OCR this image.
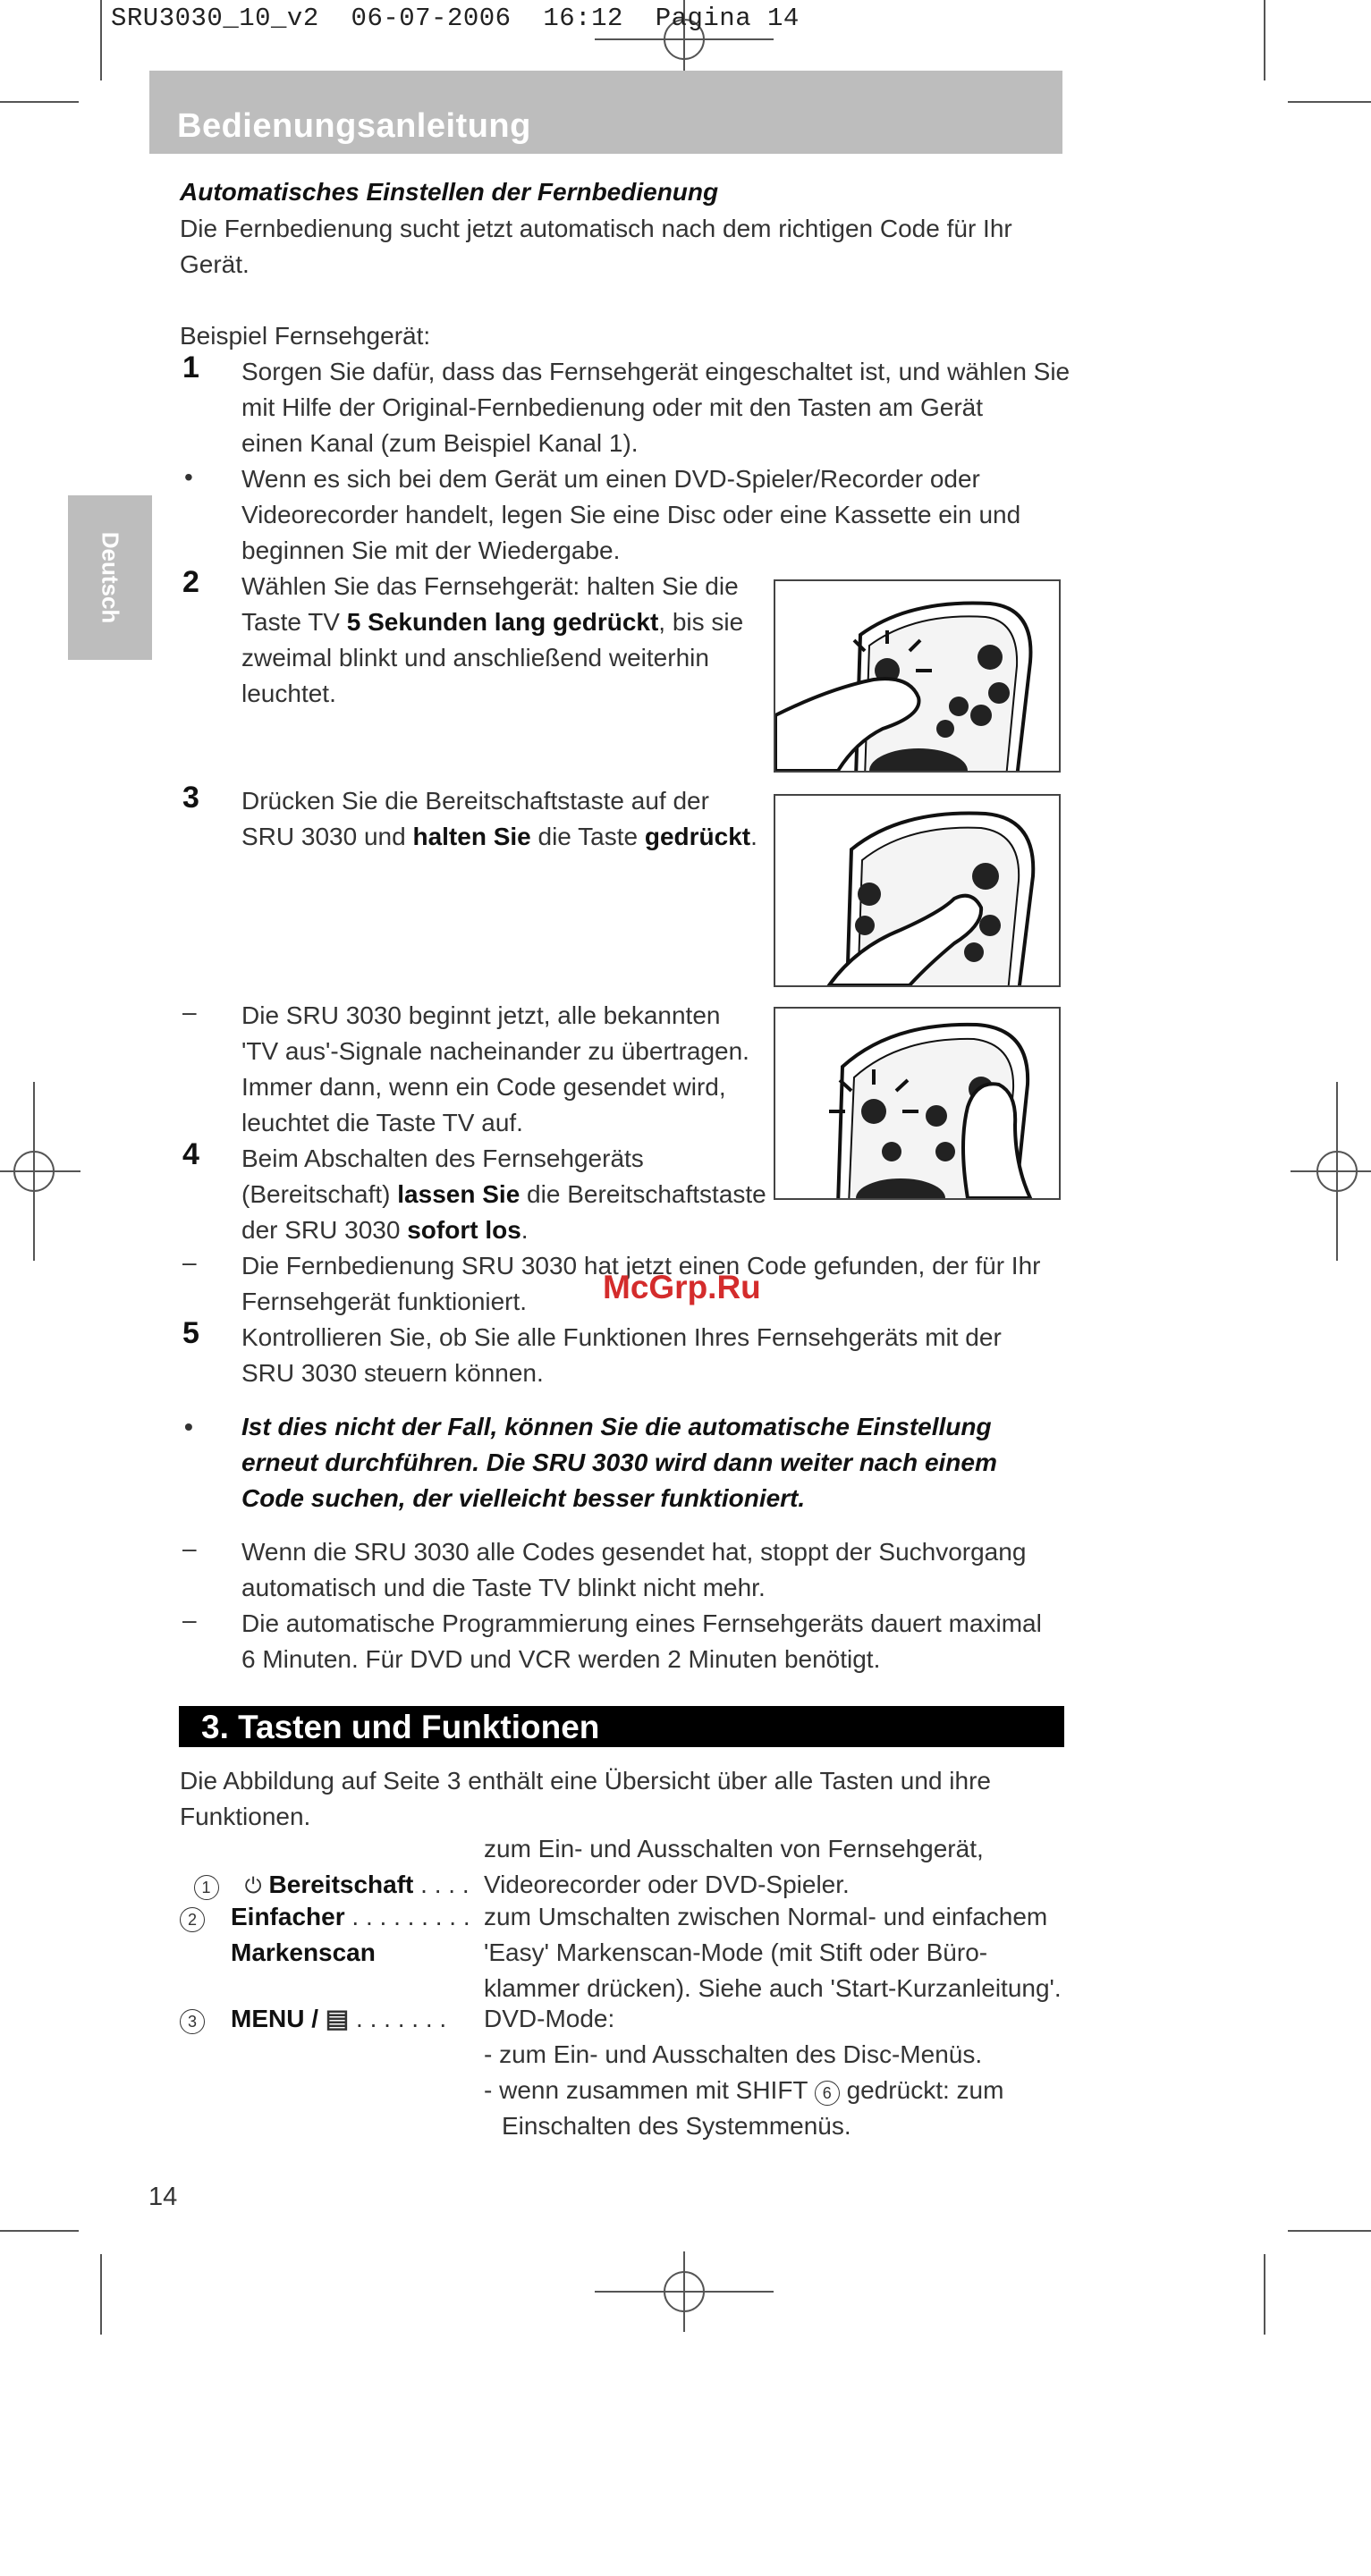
SRU3030_10_v2  06-07-2006  16:12  Pagina 14
Bedienungsanleitung
Deutsch
Automatisches Einstellen der Fernbedienung
Die Fernbedienung sucht jetzt automatisch nach dem richtigen Code für Ihr
Gerät.
Beispiel Fernsehgerät:
1 Sorgen Sie dafür, dass das Fernsehgerät eingeschaltet ist, und wählen Sie
mit Hilfe der Original-Fernbedienung oder mit den Tasten am Gerät
einen Kanal (zum Beispiel Kanal 1).
• Wenn es sich bei dem Gerät um einen DVD-Spieler/Recorder oder
Videorecorder handelt, legen Sie eine Disc oder eine Kassette ein und
beginnen Sie mit der Wiedergabe.
2 Wählen Sie das Fernsehgerät: halten Sie die
Taste TV 5 Sekunden lang gedrückt, bis sie
zweimal blinkt und anschließend weiterhin
leuchtet.
3 Drücken Sie die Bereitschaftstaste auf der
SRU 3030 und halten Sie die Taste gedrückt.
– Die SRU 3030 beginnt jetzt, alle bekannten
'TV aus'-Signale nacheinander zu übertragen.
Immer dann, wenn ein Code gesendet wird,
leuchtet die Taste TV auf.
4 Beim Abschalten des Fernsehgeräts
(Bereitschaft) lassen Sie die Bereitschaftstaste
der SRU 3030 sofort los.
– Die Fernbedienung SRU 3030 hat jetzt einen Code gefunden, der für Ihr
Fernsehgerät funktioniert. McGrp.Ru
5 Kontrollieren Sie, ob Sie alle Funktionen Ihres Fernsehgeräts mit der
SRU 3030 steuern können.
• Ist dies nicht der Fall, können Sie die automatische Einstellung
erneut durchführen. Die SRU 3030 wird dann weiter nach einem
Code suchen, der vielleicht besser funktioniert.
– Wenn die SRU 3030 alle Codes gesendet hat, stoppt der Suchvorgang
automatisch und die Taste TV blinkt nicht mehr.
– Die automatische Programmierung eines Fernsehgeräts dauert maximal
6 Minuten. Für DVD und VCR werden 2 Minuten benötigt.
3. Tasten und Funktionen
Die Abbildung auf Seite 3 enthält eine Übersicht über alle Tasten und ihre
Funktionen.

1	⏻ Bereitschaft . . . .

zum Ein- und Ausschalten von Fernsehgerät,
Videorecorder oder DVD-Spieler.
2	Einfacher . . . . . . . . .
Markenscan
zum Umschalten zwischen Normal- und einfachem
'Easy' Markenscan-Mode (mit Stift oder Büro-
klammer drücken). Siehe auch 'Start-Kurzanleitung'.
3	MENU / ▤ . . . . . . . DVD-Mode:
- zum Ein- und Ausschalten des Disc-Menüs.
- wenn zusammen mit SHIFT 6 gedrückt: zum
Einschalten des Systemmenüs.
14
